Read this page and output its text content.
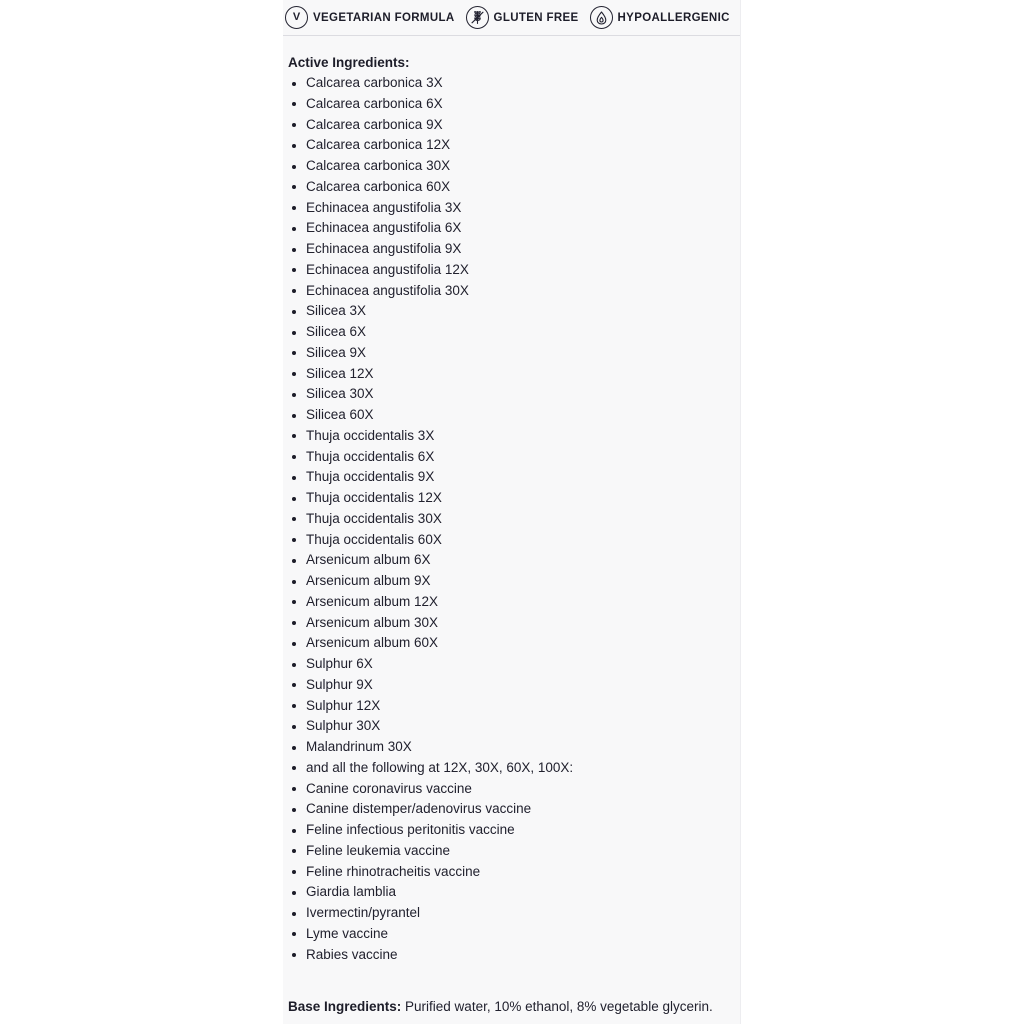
V VEGETARIAN FORMULA	GLUTEN FREE	HYPOALLERGENIC
Active Ingredients:
Calcarea carbonica 3X
Calcarea carbonica 6X
Calcarea carbonica 9X
Calcarea carbonica 12X
Calcarea carbonica 30X
Calcarea carbonica 60X
Echinacea angustifolia 3X
Echinacea angustifolia 6X
Echinacea angustifolia 9X
Echinacea angustifolia 12X
Echinacea angustifolia 30X
Silicea 3X
Silicea 6X
Silicea 9X
Silicea 12X
Silicea 30X
Silicea 60X
Thuja occidentalis 3X
Thuja occidentalis 6X
Thuja occidentalis 9X
Thuja occidentalis 12X
Thuja occidentalis 30X
Thuja occidentalis 60X
Arsenicum album 6X
Arsenicum album 9X
Arsenicum album 12X
Arsenicum album 30X
Arsenicum album 60X
Sulphur 6X
Sulphur 9X
Sulphur 12X
Sulphur 30X
Malandrinum 30X
and all the following at 12X, 30X, 60X, 100X:
Canine coronavirus vaccine
Canine distemper/adenovirus vaccine
Feline infectious peritonitis vaccine
Feline leukemia vaccine
Feline rhinotracheitis vaccine
Giardia lamblia
Ivermectin/pyrantel
Lyme vaccine
Rabies vaccine
Base Ingredients: Purified water, 10% ethanol, 8% vegetable glycerin.
